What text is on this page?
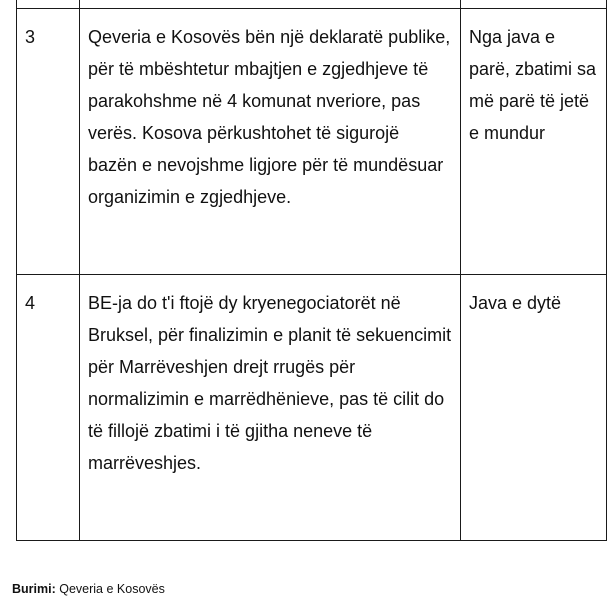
3	Qeveria e Kosovës bën një deklaratë publike, për të mbështetur mbajtjen e zgjedhjeve të parakohshme në 4 komunat nveriore, pas verës. Kosova përkushtohet të sigurojë bazën e nevojshme ligjore për të mundësuar organizimin e zgjedhjeve.	Nga java e parë, zbatimi sa më parë të jetë e mundur

4	BE-ja do t'i ftojë dy kryenegociatorët në Bruksel, për finalizimin e planit të sekuencimit për Marrëveshjen drejt rrugës për normalizimin e marrëdhënieve, pas të cilit do të fillojë zbatimi i të gjitha neneve të marrëveshjes.	Java e dytë
Burimi: Qeveria e Kosovës
